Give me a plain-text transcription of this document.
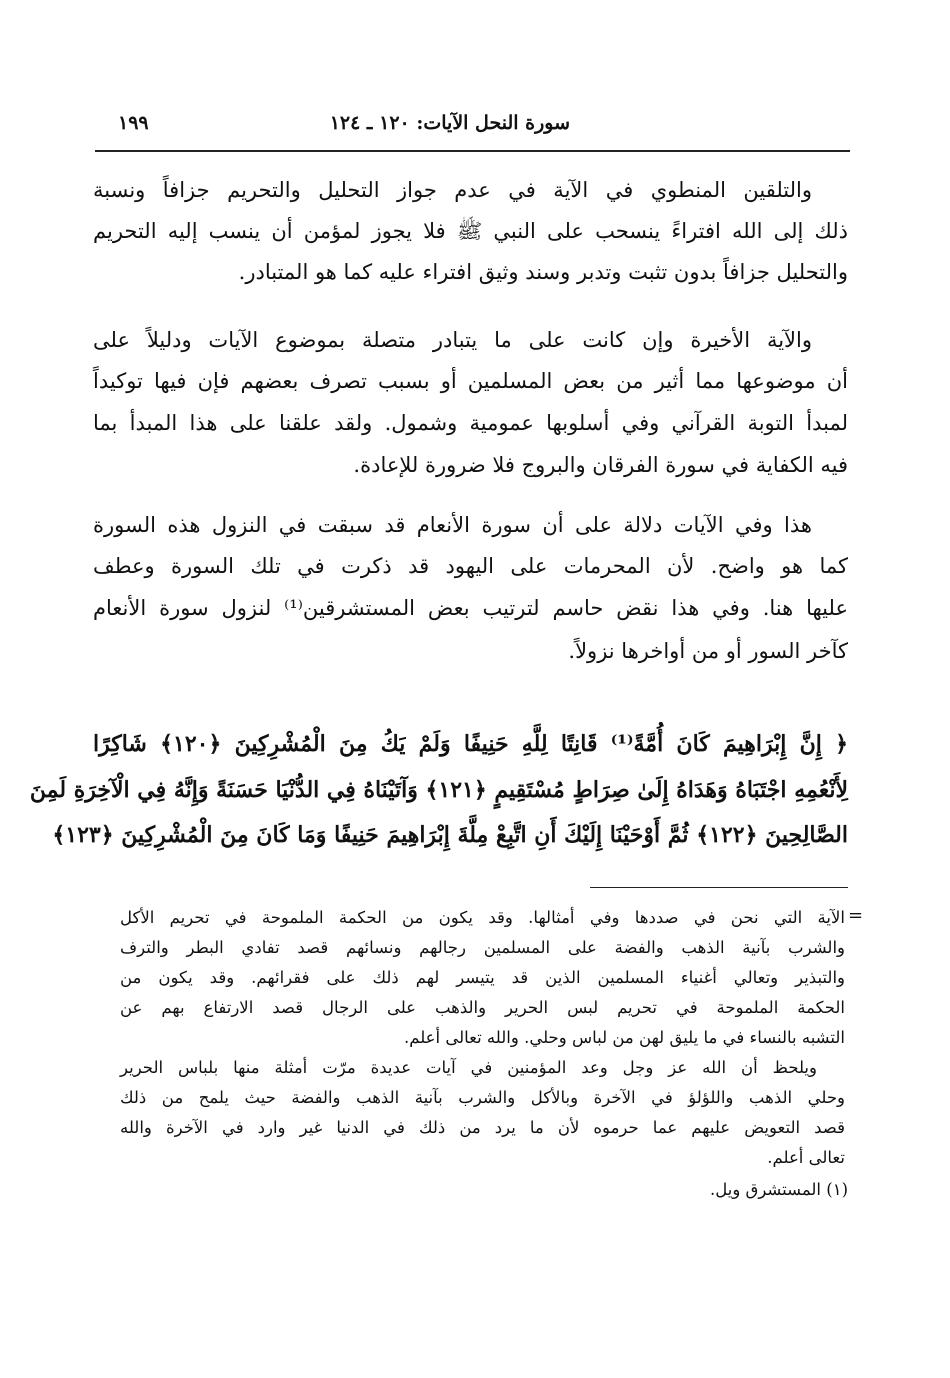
١٩٩	سورة النحل الآيات: ١٢٠ ـ ١٢٤
والتلقين المنطوي في الآية في عدم جواز التحليل والتحريم جزافاً ونسبة
ذلك إلى الله افتراءً ينسحب على النبي ﷺ فلا يجوز لمؤمن أن ينسب إليه التحريم
والتحليل جزافاً بدون تثبت وتدبر وسند وثيق افتراء عليه كما هو المتبادر.
والآية الأخيرة وإن كانت على ما يتبادر متصلة بموضوع الآيات ودليلاً على
أن موضوعها مما أثير من بعض المسلمين أو بسبب تصرف بعضهم فإن فيها توكيداً
لمبدأ التوبة القرآني وفي أسلوبها عمومية وشمول. ولقد علقنا على هذا المبدأ بما
فيه الكفاية في سورة الفرقان والبروج فلا ضرورة للإعادة.
هذا وفي الآيات دلالة على أن سورة الأنعام قد سبقت في النزول هذه السورة
كما هو واضح. لأن المحرمات على اليهود قد ذكرت في تلك السورة وعطف
عليها هنا. وفي هذا نقض حاسم لترتيب بعض المستشرقين⁽¹⁾ لنزول سورة الأنعام
كآخر السور أو من أواخرها نزولاً.
﴿ إِنَّ إِبْرَاهِيمَ كَانَ أُمَّةً⁽¹⁾ قَانِتًا لِلَّهِ حَنِيفًا وَلَمْ يَكُ مِنَ الْمُشْرِكِينَ ﴿١٢٠﴾ شَاكِرًا
لِأَنْعُمِهِ اجْتَبَاهُ وَهَدَاهُ إِلَىٰ صِرَاطٍ مُسْتَقِيمٍ ﴿١٢١﴾ وَآتَيْنَاهُ فِي الدُّنْيَا حَسَنَةً وَإِنَّهُ فِي الْآخِرَةِ لَمِنَ
الصَّالِحِينَ ﴿١٢٢﴾ ثُمَّ أَوْحَيْنَا إِلَيْكَ أَنِ اتَّبِعْ مِلَّةَ إِبْرَاهِيمَ حَنِيفًا وَمَا كَانَ مِنَ الْمُشْرِكِينَ ﴿١٢٣﴾
=
الآية التي نحن في صددها وفي أمثالها. وقد يكون من الحكمة الملموحة في تحريم الأكل
والشرب بآنية الذهب والفضة على المسلمين رجالهم ونسائهم قصد تفادي البطر والترف
والتبذير وتعالي أغنياء المسلمين الذين قد يتيسر لهم ذلك على فقرائهم. وقد يكون من
الحكمة الملموحة في تحريم لبس الحرير والذهب على الرجال قصد الارتفاع بهم عن
التشبه بالنساء في ما يليق لهن من لباس وحلي. والله تعالى أعلم.
ويلحظ أن الله عز وجل وعد المؤمنين في آيات عديدة مرّت أمثلة منها بلباس الحرير
وحلي الذهب واللؤلؤ في الآخرة وبالأكل والشرب بآنية الذهب والفضة حيث يلمح من ذلك
قصد التعويض عليهم عما حرموه لأن ما يرد من ذلك في الدنيا غير وارد في الآخرة والله
تعالى أعلم.
(١) المستشرق ويل.
